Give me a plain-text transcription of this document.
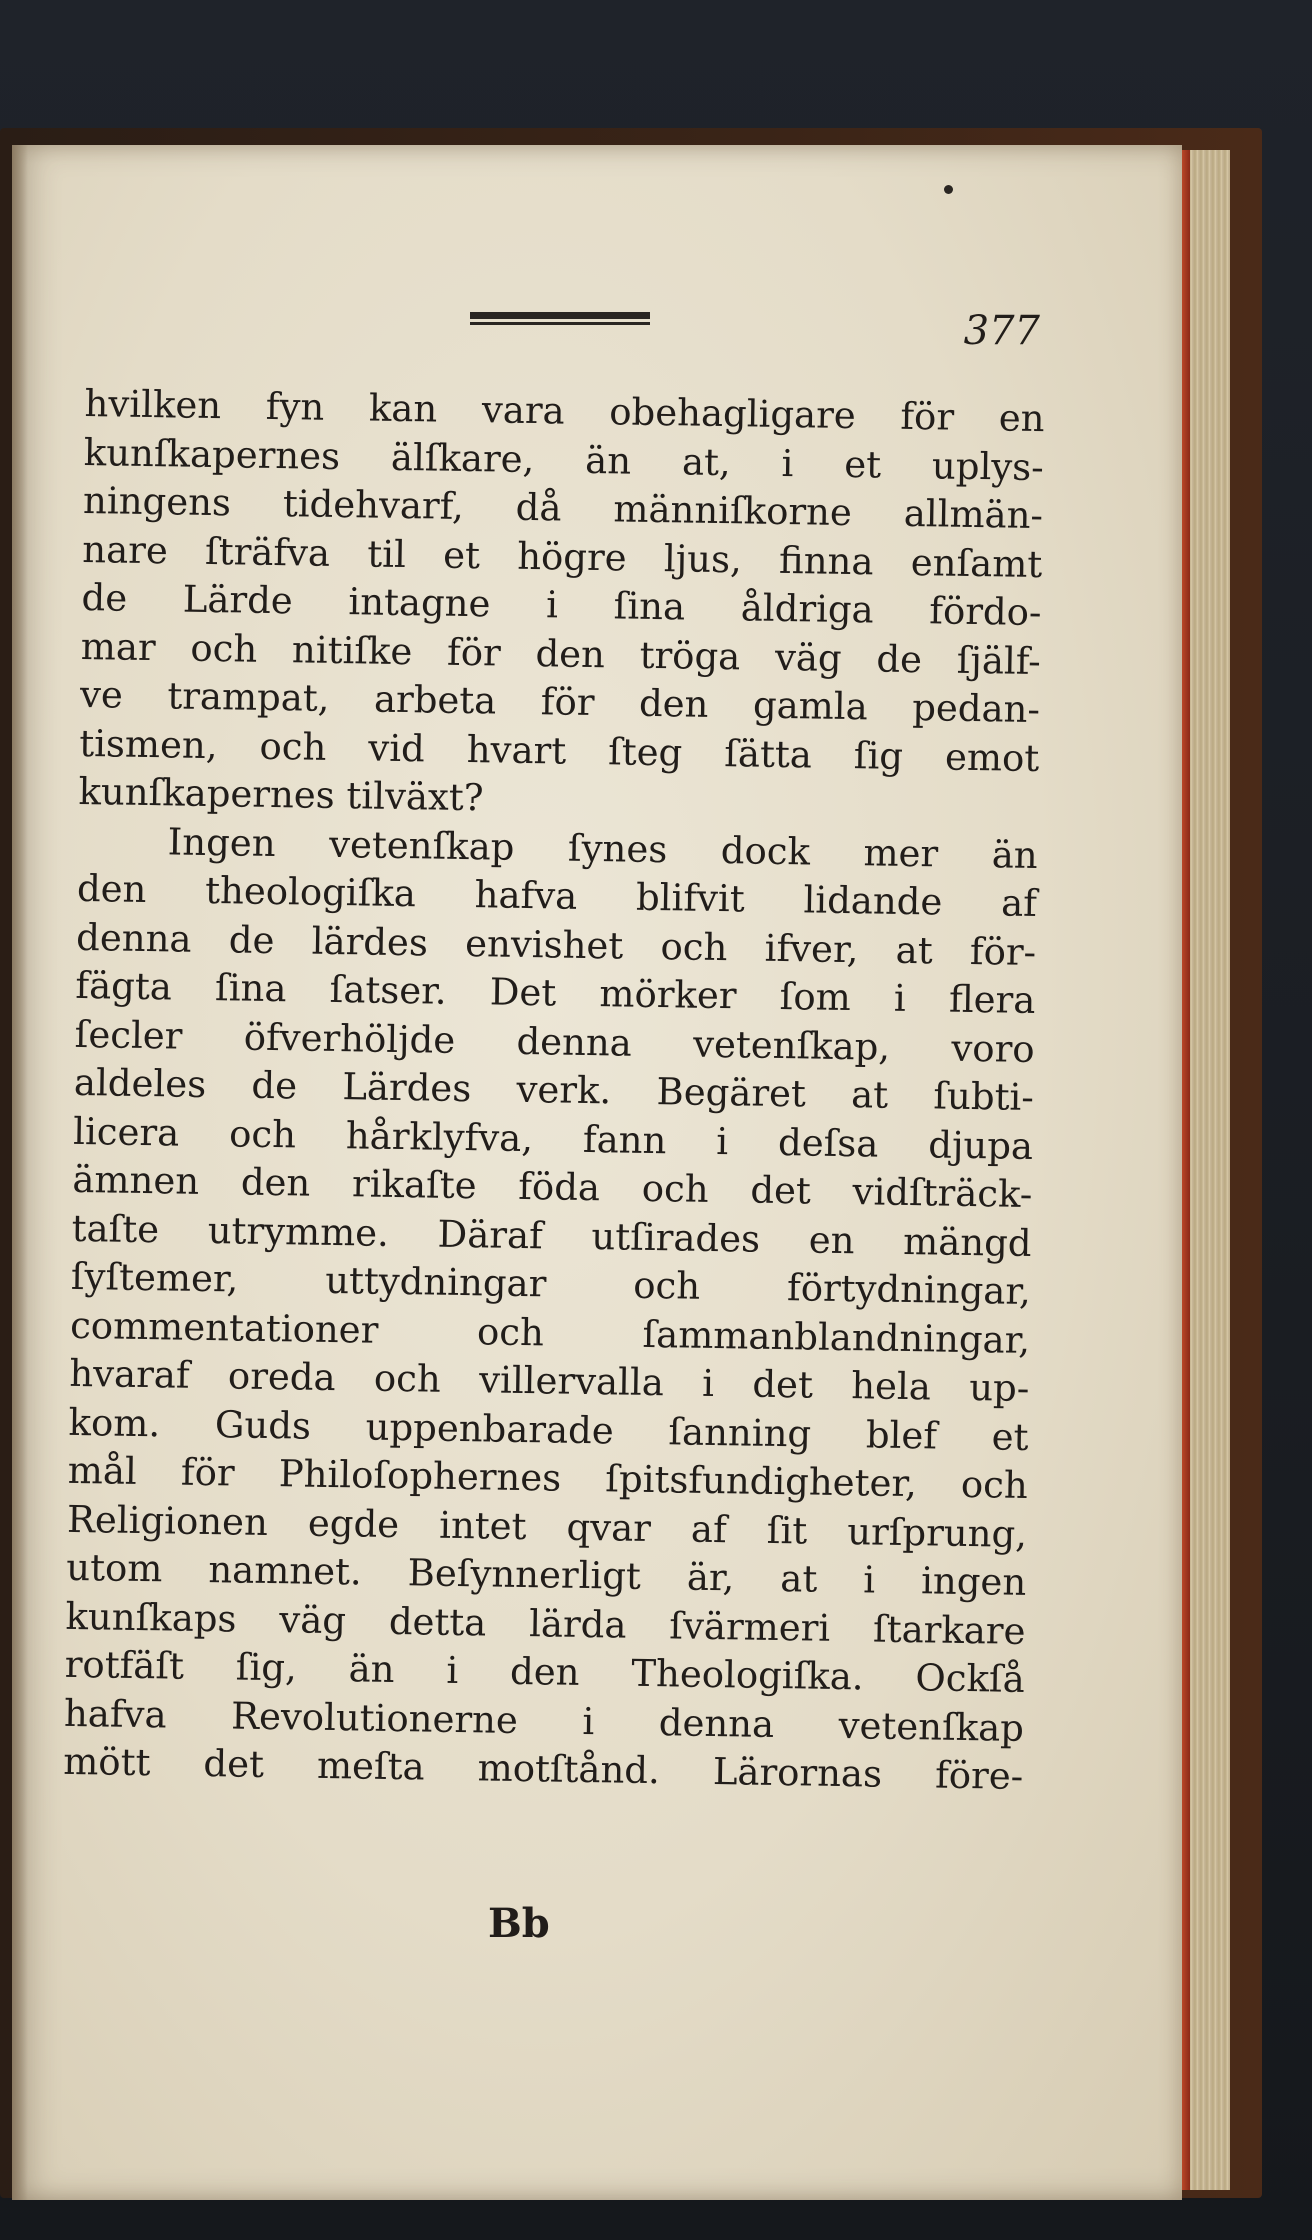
377
hvilken fyn kan vara obehagligare för en
kunſkapernes älſkare, än at, i et uplys-
ningens tidehvarf, då männiſkorne allmän-
nare ſträfva til et högre ljus, finna enſamt
de Lärde intagne i ſina åldriga fördo-
mar och nitiſke för den tröga väg de ſjälf-
ve trampat, arbeta för den gamla pedan-
tismen, och vid hvart ſteg ſätta ſig emot
kunſkapernes tilväxt?
Ingen vetenſkap ſynes dock mer än
den theologiſka hafva blifvit lidande af
denna de lärdes envishet och ifver, at för-
fägta ſina ſatser. Det mörker ſom i flera
ſecler öfverhöljde denna vetenſkap, voro
aldeles de Lärdes verk. Begäret at ſubti-
licera och hårklyfva, fann i deſsa djupa
ämnen den rikaſte föda och det vidſträck-
taſte utrymme. Däraf utſirades en mängd
ſyſtemer, uttydningar och förtydningar,
commentationer och ſammanblandningar,
hvaraf oreda och villervalla i det hela up-
kom. Guds uppenbarade ſanning blef et
mål för Philoſophernes ſpitsfundigheter, och
Religionen egde intet qvar af ſit urſprung,
utom namnet. Beſynnerligt är, at i ingen
kunſkaps väg detta lärda ſvärmeri ſtarkare
rotfäſt ſig, än i den Theologiſka. Ockſå
hafva Revolutionerne i denna vetenſkap
mött det meſta motſtånd. Lärornas före-
Bb
